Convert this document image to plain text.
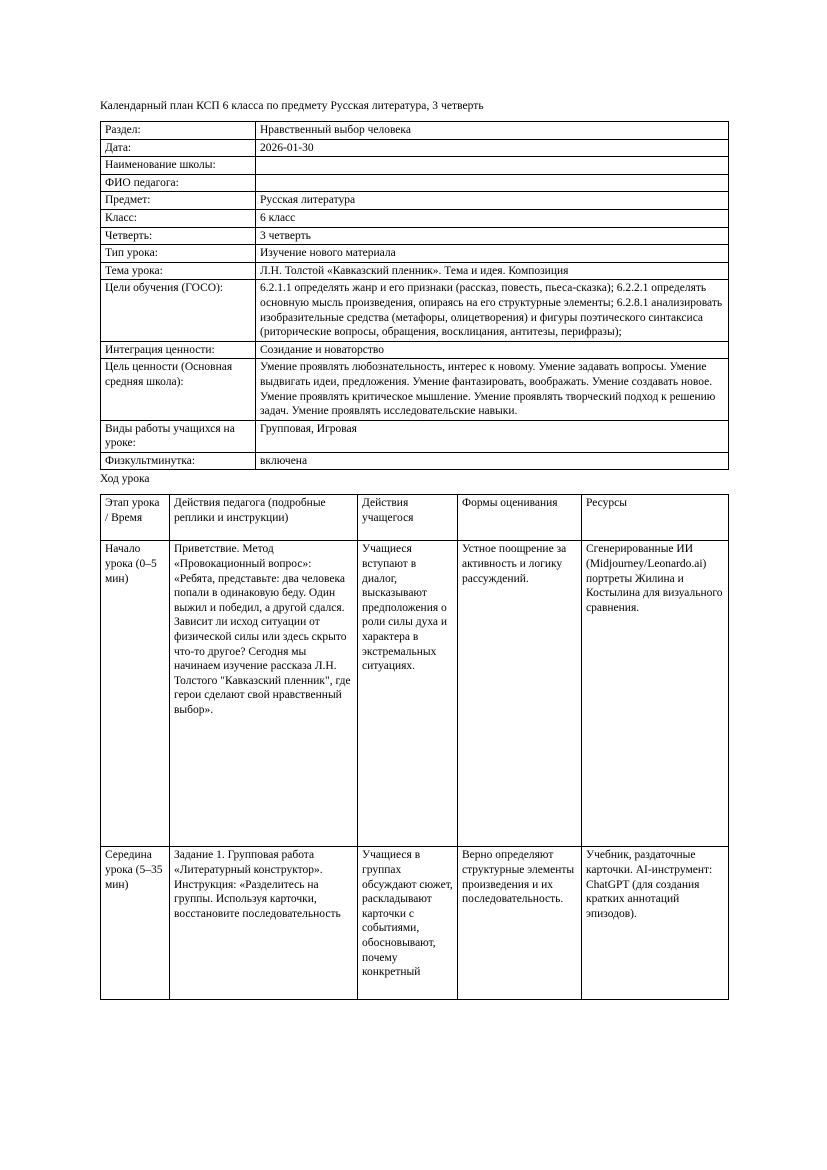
Календарный план КСП 6 класса по предмету Русская литература, 3 четверть
Раздел:	Нравственный выбор человека
Дата:	2026-01-30
Наименование школы:	
ФИО педагога:	
Предмет:	Русская литература
Класс:	6 класс
Четверть:	3 четверть
Тип урока:	Изучение нового материала
Тема урока:	Л.Н. Толстой «Кавказский пленник». Тема и идея. Композиция
Цели обучения (ГОСО):	6.2.1.1 определять жанр и его признаки (рассказ, повесть, пьеса-сказка); 6.2.2.1 определять основную мысль произведения, опираясь на его структурные элементы; 6.2.8.1 анализировать изобразительные средства (метафоры, олицетворения) и фигуры поэтического синтаксиса (риторические вопросы, обращения, восклицания, антитезы, перифразы);
Интеграция ценности:	Созидание и новаторство
Цель ценности (Основная средняя школа):	Умение проявлять любознательность, интерес к новому. Умение задавать вопросы. Умение выдвигать идеи, предложения. Умение фантазировать, воображать. Умение создавать новое. Умение проявлять критическое мышление. Умение проявлять творческий подход к решению задач. Умение проявлять исследовательские навыки.
Виды работы учащихся на уроке:	Групповая, Игровая
Физкультминутка:	включена
Ход урока
Этап урока / Время	Действия педагога (подробные реплики и инструкции)	Действия учащегося	Формы оценивания	Ресурсы
Начало урока (0–5 мин)	Приветствие. Метод «Провокационный вопрос»: «Ребята, представьте: два человека попали в одинаковую беду. Один выжил и победил, а другой сдался. Зависит ли исход ситуации от физической силы или здесь скрыто что-то другое? Сегодня мы начинаем изучение рассказа Л.Н. Толстого "Кавказский пленник", где герои сделают свой нравственный выбор».	Учащиеся вступают в диалог, высказывают предположения о роли силы духа и характера в экстремальных ситуациях.	Устное поощрение за активность и логику рассуждений.	Сгенерированные ИИ (Midjourney/Leonardo.ai) портреты Жилина и Костылина для визуального сравнения.
Середина урока (5–35 мин)	Задание 1. Групповая работа «Литературный конструктор». Инструкция: «Разделитесь на группы. Используя карточки, восстановите последовательность	Учащиеся в группах обсуждают сюжет, раскладывают карточки с событиями, обосновывают, почему конкретный	Верно определяют структурные элементы произведения и их последовательность.	Учебник, раздаточные карточки. AI-инструмент: ChatGPT (для создания кратких аннотаций эпизодов).
